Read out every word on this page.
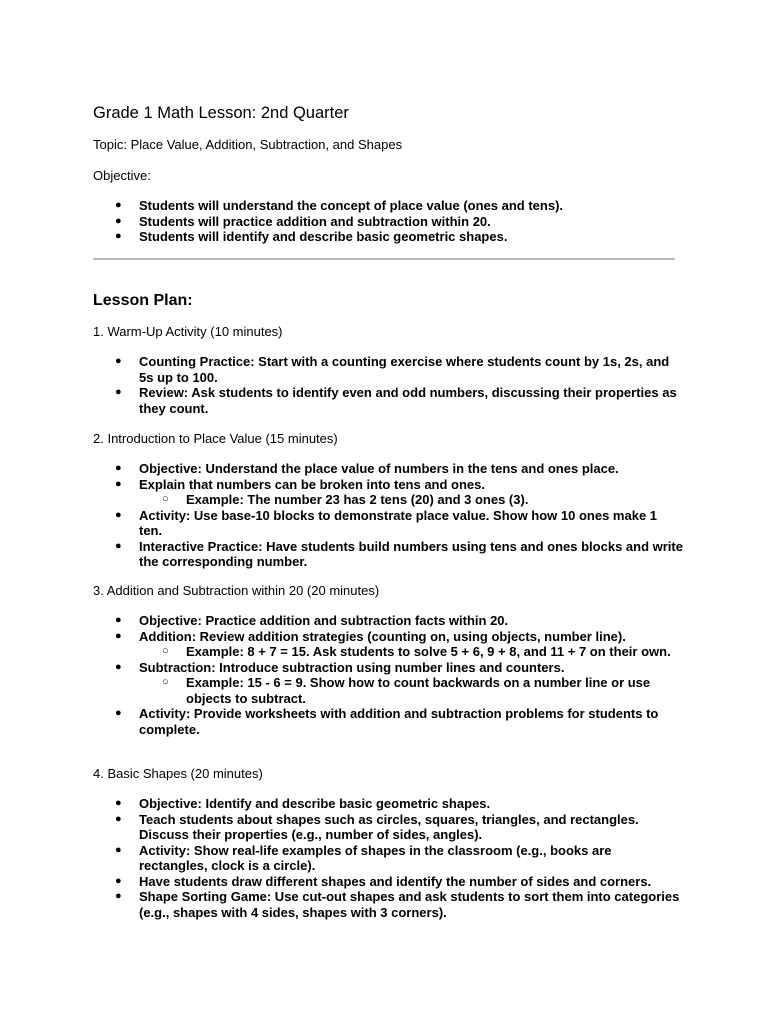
Grade 1 Math Lesson: 2nd Quarter

Topic: Place Value, Addition, Subtraction, and Shapes

Objective:

● Students will understand the concept of place value (ones and tens).
● Students will practice addition and subtraction within 20.
● Students will identify and describe basic geometric shapes.
Lesson Plan:

1. Warm-Up Activity (10 minutes)

● Counting Practice: Start with a counting exercise where students count by 1s, 2s, and 5s up to 100.
● Review: Ask students to identify even and odd numbers, discussing their properties as they count.

2. Introduction to Place Value (15 minutes)

● Objective: Understand the place value of numbers in the tens and ones place.
● Explain that numbers can be broken into tens and ones.
○ Example: The number 23 has 2 tens (20) and 3 ones (3).
● Activity: Use base-10 blocks to demonstrate place value. Show how 10 ones make 1 ten.
● Interactive Practice: Have students build numbers using tens and ones blocks and write the corresponding number.

3. Addition and Subtraction within 20 (20 minutes)

● Objective: Practice addition and subtraction facts within 20.
● Addition: Review addition strategies (counting on, using objects, number line).
○ Example: 8 + 7 = 15. Ask students to solve 5 + 6, 9 + 8, and 11 + 7 on their own.
● Subtraction: Introduce subtraction using number lines and counters.
○ Example: 15 - 6 = 9. Show how to count backwards on a number line or use objects to subtract.
● Activity: Provide worksheets with addition and subtraction problems for students to complete.

4. Basic Shapes (20 minutes)

● Objective: Identify and describe basic geometric shapes.
● Teach students about shapes such as circles, squares, triangles, and rectangles. Discuss their properties (e.g., number of sides, angles).
● Activity: Show real-life examples of shapes in the classroom (e.g., books are rectangles, clock is a circle).
● Have students draw different shapes and identify the number of sides and corners.
● Shape Sorting Game: Use cut-out shapes and ask students to sort them into categories (e.g., shapes with 4 sides, shapes with 3 corners).
